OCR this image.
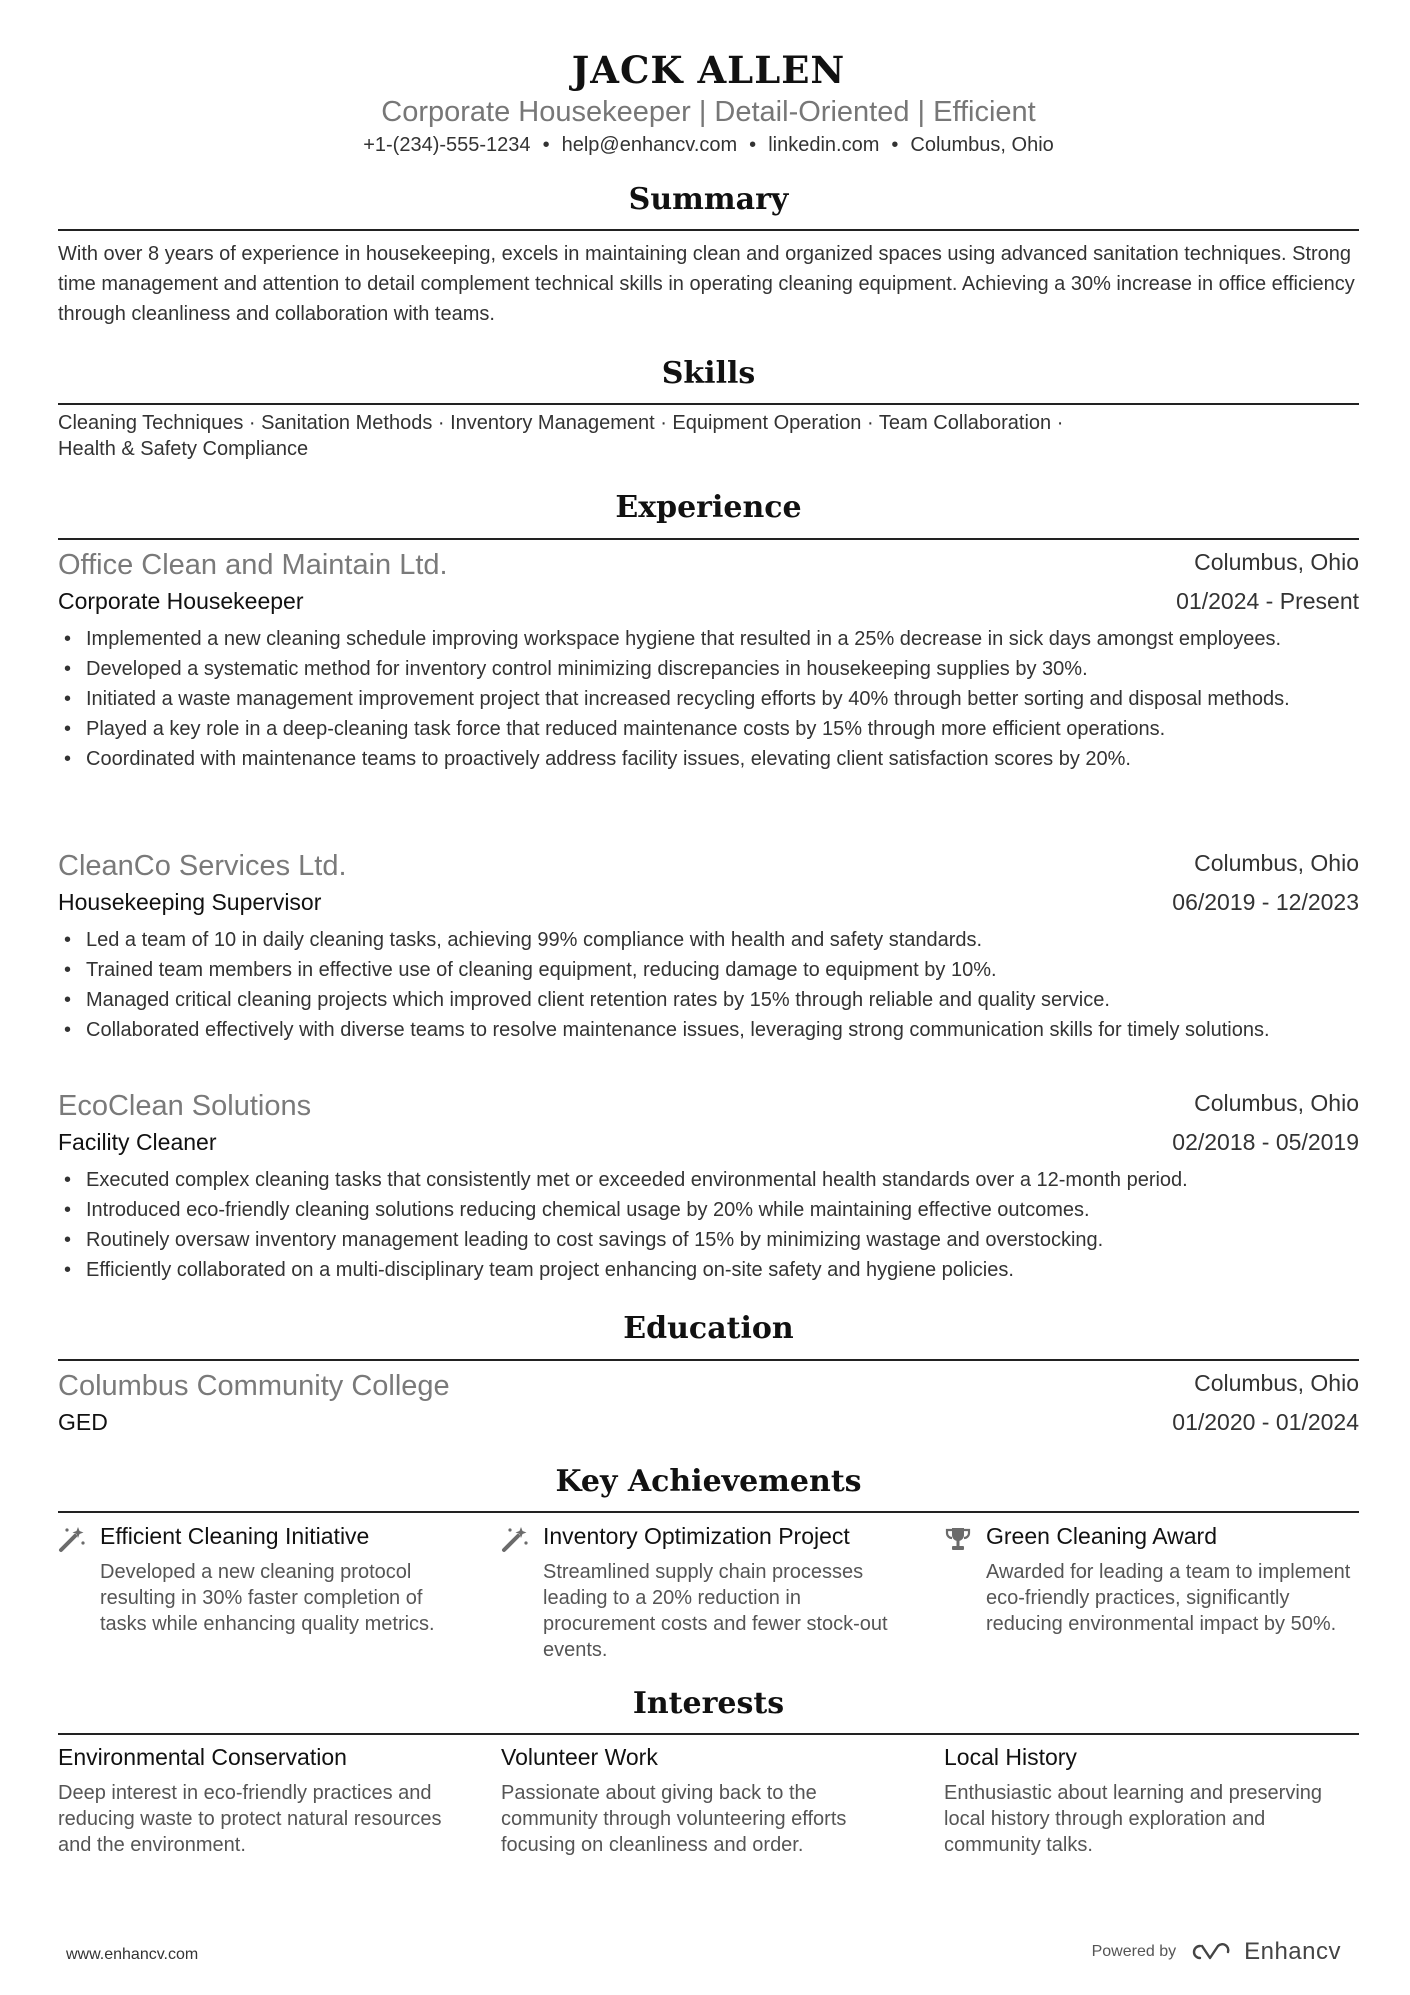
JACK ALLEN
Corporate Housekeeper | Detail-Oriented | Efficient
+1-(234)-555-1234 • help@enhancv.com • linkedin.com • Columbus, Ohio
Summary
With over 8 years of experience in housekeeping, excels in maintaining clean and organized spaces using advanced sanitation techniques. Strong time management and attention to detail complement technical skills in operating cleaning equipment. Achieving a 30% increase in office efficiency through cleanliness and collaboration with teams.
Skills
Cleaning Techniques · Sanitation Methods · Inventory Management · Equipment Operation · Team Collaboration ·
Health & Safety Compliance
Experience
Office Clean and Maintain Ltd.	Columbus, Ohio
Corporate Housekeeper	01/2024 - Present
• Implemented a new cleaning schedule improving workspace hygiene that resulted in a 25% decrease in sick days amongst employees.
• Developed a systematic method for inventory control minimizing discrepancies in housekeeping supplies by 30%.
• Initiated a waste management improvement project that increased recycling efforts by 40% through better sorting and disposal methods.
• Played a key role in a deep-cleaning task force that reduced maintenance costs by 15% through more efficient operations.
• Coordinated with maintenance teams to proactively address facility issues, elevating client satisfaction scores by 20%.
CleanCo Services Ltd.	Columbus, Ohio
Housekeeping Supervisor	06/2019 - 12/2023
• Led a team of 10 in daily cleaning tasks, achieving 99% compliance with health and safety standards.
• Trained team members in effective use of cleaning equipment, reducing damage to equipment by 10%.
• Managed critical cleaning projects which improved client retention rates by 15% through reliable and quality service.
• Collaborated effectively with diverse teams to resolve maintenance issues, leveraging strong communication skills for timely solutions.
EcoClean Solutions	Columbus, Ohio
Facility Cleaner	02/2018 - 05/2019
• Executed complex cleaning tasks that consistently met or exceeded environmental health standards over a 12-month period.
• Introduced eco-friendly cleaning solutions reducing chemical usage by 20% while maintaining effective outcomes.
• Routinely oversaw inventory management leading to cost savings of 15% by minimizing wastage and overstocking.
• Efficiently collaborated on a multi-disciplinary team project enhancing on-site safety and hygiene policies.
Education
Columbus Community College	Columbus, Ohio
GED	01/2020 - 01/2024
Key Achievements
Efficient Cleaning Initiative
Developed a new cleaning protocol resulting in 30% faster completion of tasks while enhancing quality metrics.
Inventory Optimization Project
Streamlined supply chain processes leading to a 20% reduction in procurement costs and fewer stock-out events.
Green Cleaning Award
Awarded for leading a team to implement eco-friendly practices, significantly reducing environmental impact by 50%.
Interests
Environmental Conservation
Deep interest in eco-friendly practices and reducing waste to protect natural resources and the environment.
Volunteer Work
Passionate about giving back to the community through volunteering efforts focusing on cleanliness and order.
Local History
Enthusiastic about learning and preserving local history through exploration and community talks.
www.enhancv.com	Powered by	Enhancv
